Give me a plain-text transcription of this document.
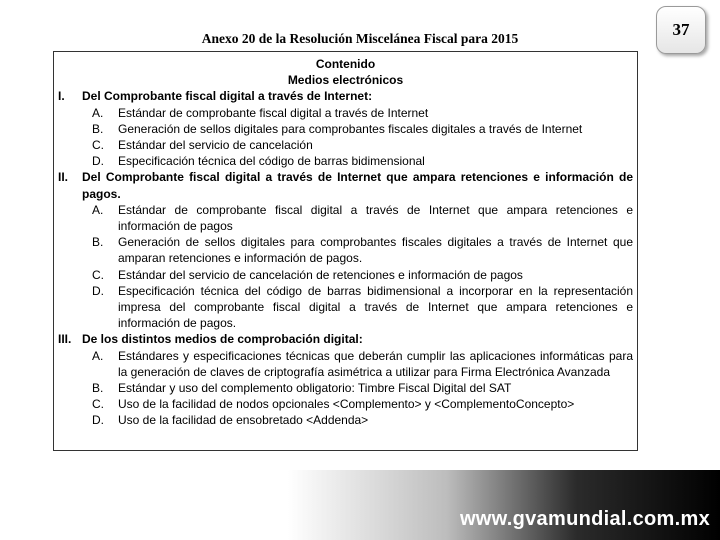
Anexo 20 de la Resolución Miscelánea Fiscal para 2015	37
Contenido
Medios electrónicos
I.	Del Comprobante fiscal digital a través de Internet:
A.	Estándar de comprobante fiscal digital a través de Internet
B.	Generación de sellos digitales para comprobantes fiscales digitales a través de Internet
C.	Estándar del servicio de cancelación
D.	Especificación técnica del código de barras bidimensional
II.	Del Comprobante fiscal digital a través de Internet que ampara retenciones e información de pagos.
A.	Estándar de comprobante fiscal digital a través de Internet que ampara retenciones e información de pagos
B.	Generación de sellos digitales para comprobantes fiscales digitales a través de Internet que amparan retenciones e información de pagos.
C.	Estándar del servicio de cancelación de retenciones e información de pagos
D.	Especificación técnica del código de barras bidimensional a incorporar en la representación impresa del comprobante fiscal digital a través de Internet que ampara retenciones e información de pagos.
III. De los distintos medios de comprobación digital:
A.	Estándares y especificaciones técnicas que deberán cumplir las aplicaciones informáticas para la generación de claves de criptografía asimétrica a utilizar para Firma Electrónica Avanzada
B.	Estándar y uso del complemento obligatorio: Timbre Fiscal Digital del SAT
C.	Uso de la facilidad de nodos opcionales <Complemento> y <ComplementoConcepto>
D.	Uso de la facilidad de ensobretado <Addenda>
www.gvamundial.com.mx
